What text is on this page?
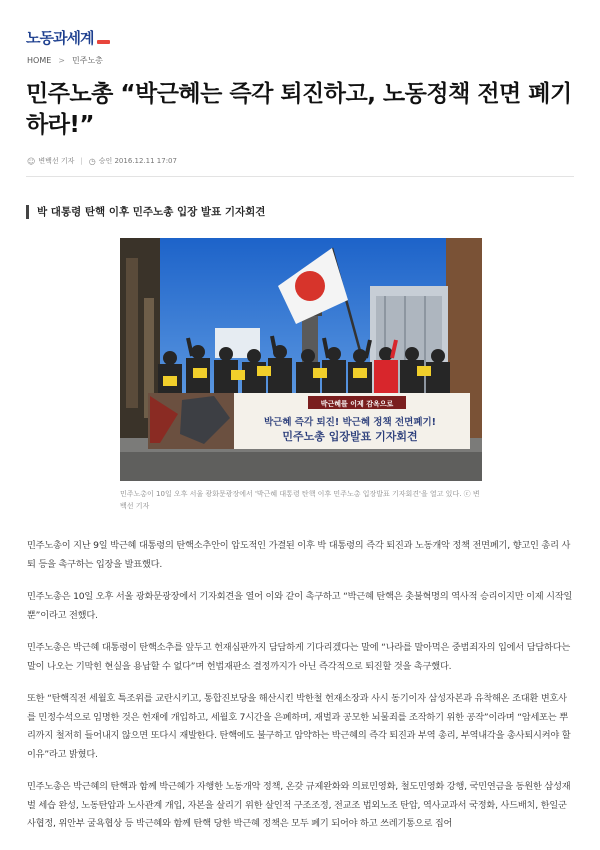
노동과세계
HOME > 민주노총
민주노총 “박근혜는 즉각 퇴진하고, 노동정책 전면 폐기하라!”
☺ 변백선 기자 | ◷ 승인 2016.12.11 17:07
박 대통령 탄핵 이후 민주노총 입장 발표 기자회견
박근혜를 이제 감옥으로
박근혜 즉각 퇴진! 박근혜 정책 전면폐기!
민주노총 입장발표 기자회견
민주노총이 10일 오후 서울 광화문광장에서 '박근혜 대통령 탄핵 이후 민주노총 입장발표 기자회견'을 열고 있다. ⓒ 변백선 기자

민주노총이 지난 9일 박근혜 대통령의 탄핵소추안이 압도적인 가결된 이후 박 대통령의 즉각 퇴진과 노동개악 정책 전면폐기, 향고인 총리 사퇴 등을 촉구하는 입장을 발표했다.

민주노총은 10일 오후 서울 광화문광장에서 기자회견을 열어 이와 같이 촉구하고 “박근혜 탄핵은 촛불혁명의 역사적 승리이지만 이제 시작일 뿐”이라고 전했다.

민주노총은 박근혜 대통령이 탄핵소추를 앞두고 헌재심판까지 담담하게 기다리겠다는 말에 “나라를 말아먹은 중범죄자의 입에서 담담하다는 말이 나오는 기막힌 현실을 용납할 수 없다”며 헌법재판소 결정까지가 아닌 즉각적으로 퇴진할 것을 촉구했다.

또한 “탄핵직전 세월호 특조위를 교란시키고, 통합진보당을 해산시킨 박한철 헌재소장과 사시 동기이자 삼성자본과 유착해온 조대환 변호사를 민정수석으로 임명한 것은 헌재에 개입하고, 세월호 7시간을 은폐하며, 재벌과 공모한 뇌물죄를 조작하기 위한 공작”이라며 “암세포는 뿌리까지 철저히 들어내지 않으면 또다시 재발한다. 탄핵에도 불구하고 암약하는 박근혜의 즉각 퇴진과 부역 총리, 부역내각을 총사퇴시켜야 할 이유”라고 밝혔다.

민주노총은 박근혜의 탄핵과 함께 박근혜가 자행한 노동개악 정책, 온갖 규제완화와 의료민영화, 철도민영화 강행, 국민연금을 동원한 삼성재벌 세습 완성, 노동탄압과 노사관계 개입, 자본을 살리기 위한 살인적 구조조정, 전교조 법외노조 탄압, 역사교과서 국정화, 사드배치, 한일군사협정, 위안부 굴욕협상 등 박근혜와 함께 탄핵 당한 박근혜 정책은 모두 폐기 되어야 하고 쓰레기통으로 집어
